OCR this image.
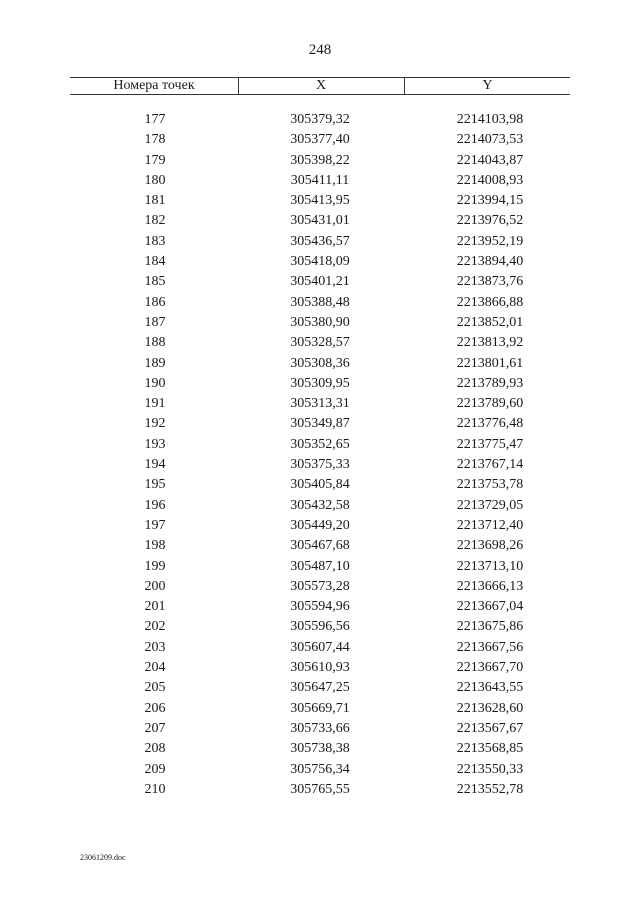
248
Номера точек	X	Y
177	305379,32	2214103,98
178	305377,40	2214073,53
179	305398,22	2214043,87
180	305411,11	2214008,93
181	305413,95	2213994,15
182	305431,01	2213976,52
183	305436,57	2213952,19
184	305418,09	2213894,40
185	305401,21	2213873,76
186	305388,48	2213866,88
187	305380,90	2213852,01
188	305328,57	2213813,92
189	305308,36	2213801,61
190	305309,95	2213789,93
191	305313,31	2213789,60
192	305349,87	2213776,48
193	305352,65	2213775,47
194	305375,33	2213767,14
195	305405,84	2213753,78
196	305432,58	2213729,05
197	305449,20	2213712,40
198	305467,68	2213698,26
199	305487,10	2213713,10
200	305573,28	2213666,13
201	305594,96	2213667,04
202	305596,56	2213675,86
203	305607,44	2213667,56
204	305610,93	2213667,70
205	305647,25	2213643,55
206	305669,71	2213628,60
207	305733,66	2213567,67
208	305738,38	2213568,85
209	305756,34	2213550,33
210	305765,55	2213552,78
23061209.doc
